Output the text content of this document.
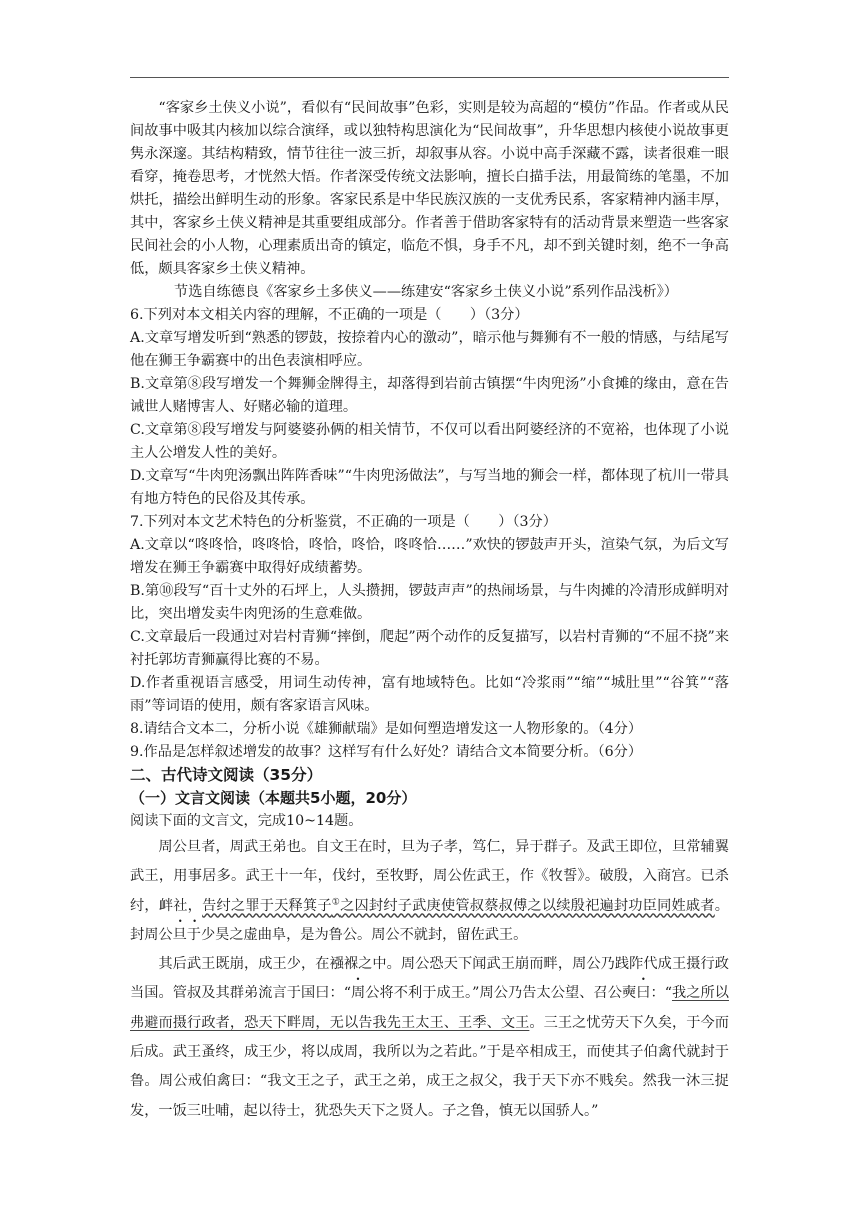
“客家乡土侠义小说”，看似有“民间故事”色彩，实则是较为高超的“模仿”作品。作者或从民间故事中吸其内核加以综合演绎，或以独特构思演化为“民间故事”，升华思想内核使小说故事更隽永深邃。其结构精致，情节往往一波三折，却叙事从容。小说中高手深藏不露，读者很难一眼看穿，掩卷思考，才恍然大悟。作者深受传统文法影响，擅长白描手法，用最简练的笔墨，不加烘托，描绘出鲜明生动的形象。客家民系是中华民族汉族的一支优秀民系，客家精神内涵丰厚，其中，客家乡土侠义精神是其重要组成部分。作者善于借助客家特有的活动背景来塑造一些客家民间社会的小人物，心理素质出奇的镇定，临危不惧，身手不凡，却不到关键时刻，绝不一争高低，颇具客家乡土侠义精神。

节选自练德良《客家乡土多侠义——练建安“客家乡土侠义小说”系列作品浅析》）

6.下列对本文相关内容的理解，不正确的一项是（　　）（3分）

A.文章写增发听到“熟悉的锣鼓，按捺着内心的激动”，暗示他与舞狮有不一般的情感，与结尾写他在狮王争霸赛中的出色表演相呼应。

B.文章第⑧段写增发一个舞狮金牌得主，却落得到岩前古镇摆“牛肉兜汤”小食摊的缘由，意在告诫世人赌博害人、好赌必输的道理。

C.文章第⑧段写增发与阿婆婆孙俩的相关情节，不仅可以看出阿婆经济的不宽裕，也体现了小说主人公增发人性的美好。

D.文章写“牛肉兜汤飘出阵阵香味”“牛肉兜汤做法”，与写当地的狮会一样，都体现了杭川一带具有地方特色的民俗及其传承。

7.下列对本文艺术特色的分析鉴赏，不正确的一项是（　　）（3分）

A.文章以“咚咚恰，咚咚恰，咚恰，咚恰，咚咚恰……”欢快的锣鼓声开头，渲染气氛，为后文写增发在狮王争霸赛中取得好成绩蓄势。

B.第⑩段写“百十丈外的石坪上，人头攒拥，锣鼓声声”的热闹场景，与牛肉摊的冷清形成鲜明对比，突出增发卖牛肉兜汤的生意难做。

C.文章最后一段通过对岩村青狮“摔倒，爬起”两个动作的反复描写，以岩村青狮的“不屈不挠”来衬托郭坊青狮赢得比赛的不易。

D.作者重视语言感受，用词生动传神，富有地域特色。比如“冷浆雨”“缩”“城肚里”“谷箕”“落雨”等词语的使用，颇有客家语言风味。

8.请结合文本二，分析小说《雄狮献瑞》是如何塑造增发这一人物形象的。（4分）

9.作品是怎样叙述增发的故事？这样写有什么好处？请结合文本简要分析。（6分）

二、古代诗文阅读（35分）

（一）文言文阅读（本题共5小题，20分）

阅读下面的文言文，完成10~14题。

周公旦者，周武王弟也。自文王在时，旦为子孝，笃仁，异于群子。及武王即位，旦常辅翼武王，用事居多。武王十一年，伐纣，至牧野，周公佐武王，作《牧誓》。破殷，入商宫。已杀纣，衅社，告纣之罪于天释箕子①之囚封纣子武庚使管叔蔡叔傅之以续殷祀遍封功臣同姓戚者。封周公旦于少昊之虚曲阜，是为鲁公。周公不就封，留佐武王。

其后武王既崩，成王少，在襁褓之中。周公恐天下闻武王崩而畔，周公乃践阼代成王摄行政当国。管叔及其群弟流言于国曰：“周公将不利于成王。”周公乃告太公望、召公奭曰：“我之所以弗避而摄行政者，恐天下畔周，无以告我先王太王、王季、文王。三王之忧劳天下久矣，于今而后成。武王蚤终，成王少，将以成周，我所以为之若此。”于是卒相成王，而使其子伯禽代就封于鲁。周公戒伯禽曰：“我文王之子，武王之弟，成王之叔父，我于天下亦不贱矣。然我一沐三捉发，一饭三吐哺，起以待士，犹恐失天下之贤人。子之鲁，慎无以国骄人。”
